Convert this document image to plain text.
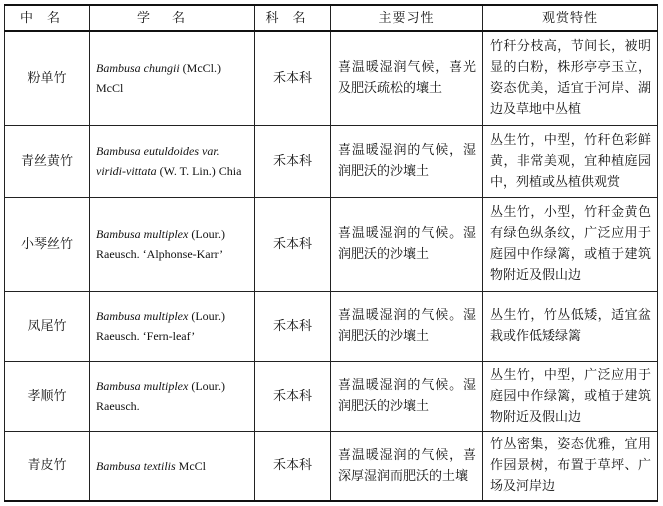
中名	学名	科名	主要习性	观赏特性
粉单竹	Bambusa chungii (McCl.) McCl	禾本科	喜温暖湿润气候，喜光及肥沃疏松的壤土	竹秆分枝高，节间长，被明显的白粉，株形亭亭玉立，姿态优美，适宜于河岸、湖边及草地中丛植
青丝黄竹	Bambusa eutuldoides var. viridi-vittata (W. T. Lin.) Chia	禾本科	喜温暖湿润的气候，湿润肥沃的沙壤土	丛生竹，中型，竹秆色彩鲜黄，非常美观，宜种植庭园中，列植或丛植供观赏
小琴丝竹	Bambusa multiplex (Lour.) Raeusch. ‘Alphonse-Karr’	禾本科	喜温暖湿润的气候。湿润肥沃的沙壤土	丛生竹，小型，竹秆金黄色有绿色纵条纹，广泛应用于庭园中作绿篱，或植于建筑物附近及假山边
凤尾竹	Bambusa multiplex (Lour.) Raeusch. ‘Fern-leaf’	禾本科	喜温暖湿润的气候。湿润肥沃的沙壤土	丛生竹，竹丛低矮，适宜盆栽或作低矮绿篱
孝顺竹	Bambusa multiplex (Lour.) Raeusch.	禾本科	喜温暖湿润的气候。湿润肥沃的沙壤土	丛生竹，中型，广泛应用于庭园中作绿篱，或植于建筑物附近及假山边
青皮竹	Bambusa textilis McCl	禾本科	喜温暖湿润的气候，喜深厚湿润而肥沃的土壤	竹丛密集，姿态优雅，宜用作园景树，布置于草坪、广场及河岸边
